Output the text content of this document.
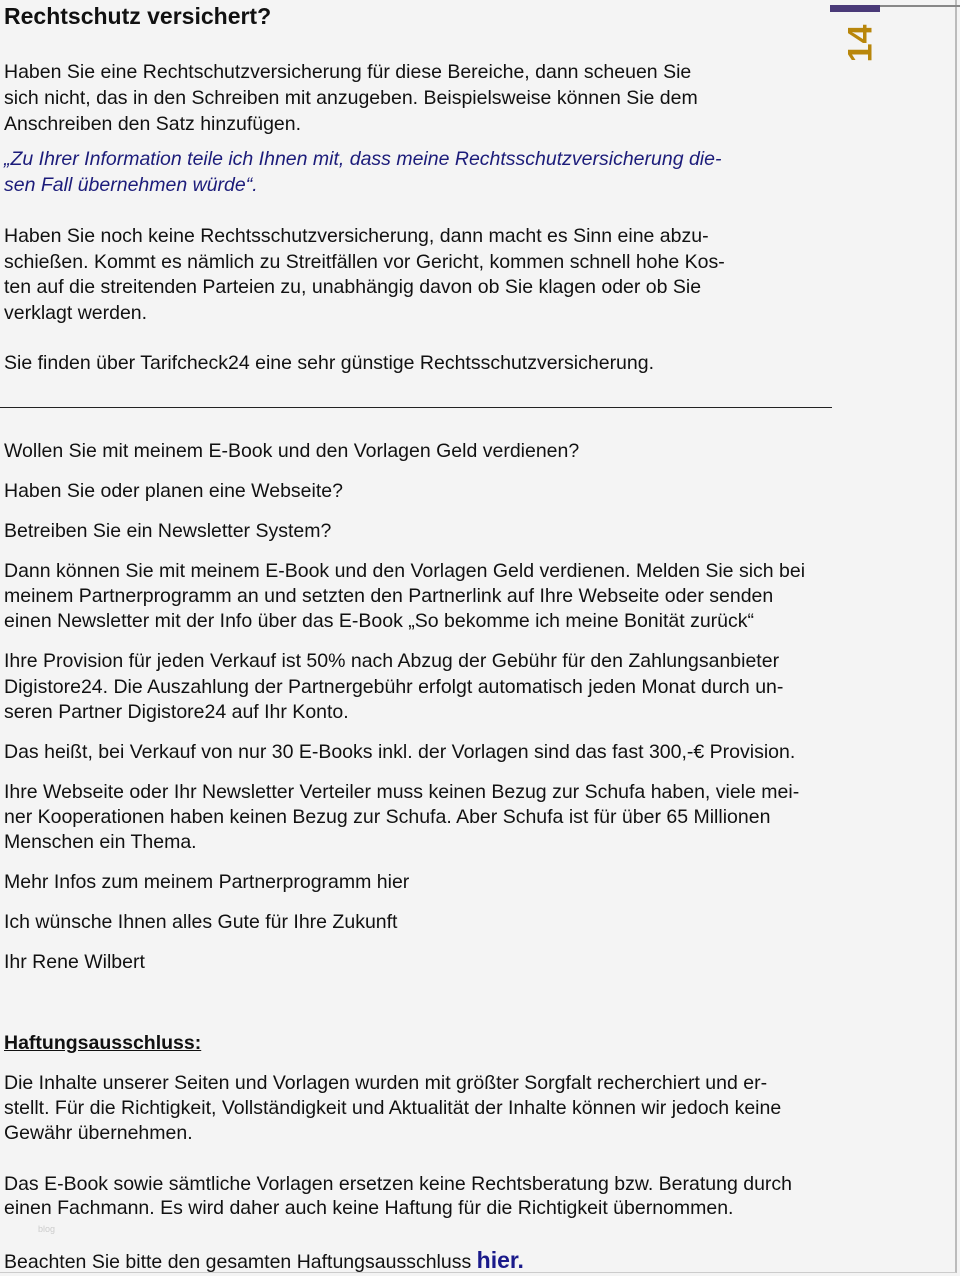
14
Rechtschutz versichert?
Haben Sie eine Rechtschutzversicherung für diese Bereiche, dann scheuen Sie
sich nicht, das in den Schreiben mit anzugeben. Beispielsweise können Sie dem
Anschreiben den Satz hinzufügen.
„Zu Ihrer Information teile ich Ihnen mit, dass meine Rechtsschutzversicherung die-
sen Fall übernehmen würde“.
Haben Sie noch keine Rechtsschutzversicherung, dann macht es Sinn eine abzu-
schießen. Kommt es nämlich zu Streitfällen vor Gericht, kommen schnell hohe Kos-
ten auf die streitenden Parteien zu, unabhängig davon ob Sie klagen oder ob Sie
verklagt werden.
Sie finden über Tarifcheck24 eine sehr günstige Rechtsschutzversicherung.
Wollen Sie mit meinem E-Book und den Vorlagen Geld verdienen?
Haben Sie oder planen eine Webseite?
Betreiben Sie ein Newsletter System?
Dann können Sie mit meinem E-Book und den Vorlagen Geld verdienen. Melden Sie sich bei
meinem Partnerprogramm an und setzten den Partnerlink auf Ihre Webseite oder senden
einen Newsletter mit der Info über das E-Book „So bekomme ich meine Bonität zurück“
Ihre Provision für jeden Verkauf ist 50% nach Abzug der Gebühr für den Zahlungsanbieter
Digistore24. Die Auszahlung der Partnergebühr erfolgt automatisch jeden Monat durch un-
seren Partner Digistore24 auf Ihr Konto.
Das heißt, bei Verkauf von nur 30 E-Books inkl. der Vorlagen sind das fast 300,-€ Provision.
Ihre Webseite oder Ihr Newsletter Verteiler muss keinen Bezug zur Schufa haben, viele mei-
ner Kooperationen haben keinen Bezug zur Schufa. Aber Schufa ist für über 65 Millionen
Menschen ein Thema.
Mehr Infos zum meinem Partnerprogramm hier
Ich wünsche Ihnen alles Gute für Ihre Zukunft
Ihr Rene Wilbert
Haftungsausschluss:
Die Inhalte unserer Seiten und Vorlagen wurden mit größter Sorgfalt recherchiert und er-
stellt. Für die Richtigkeit, Vollständigkeit und Aktualität der Inhalte können wir jedoch keine
Gewähr übernehmen.
Das E-Book sowie sämtliche Vorlagen ersetzen keine Rechtsberatung bzw. Beratung durch
einen Fachmann. Es wird daher auch keine Haftung für die Richtigkeit übernommen.
Beachten Sie bitte den gesamten Haftungsausschluss hier.
blog
